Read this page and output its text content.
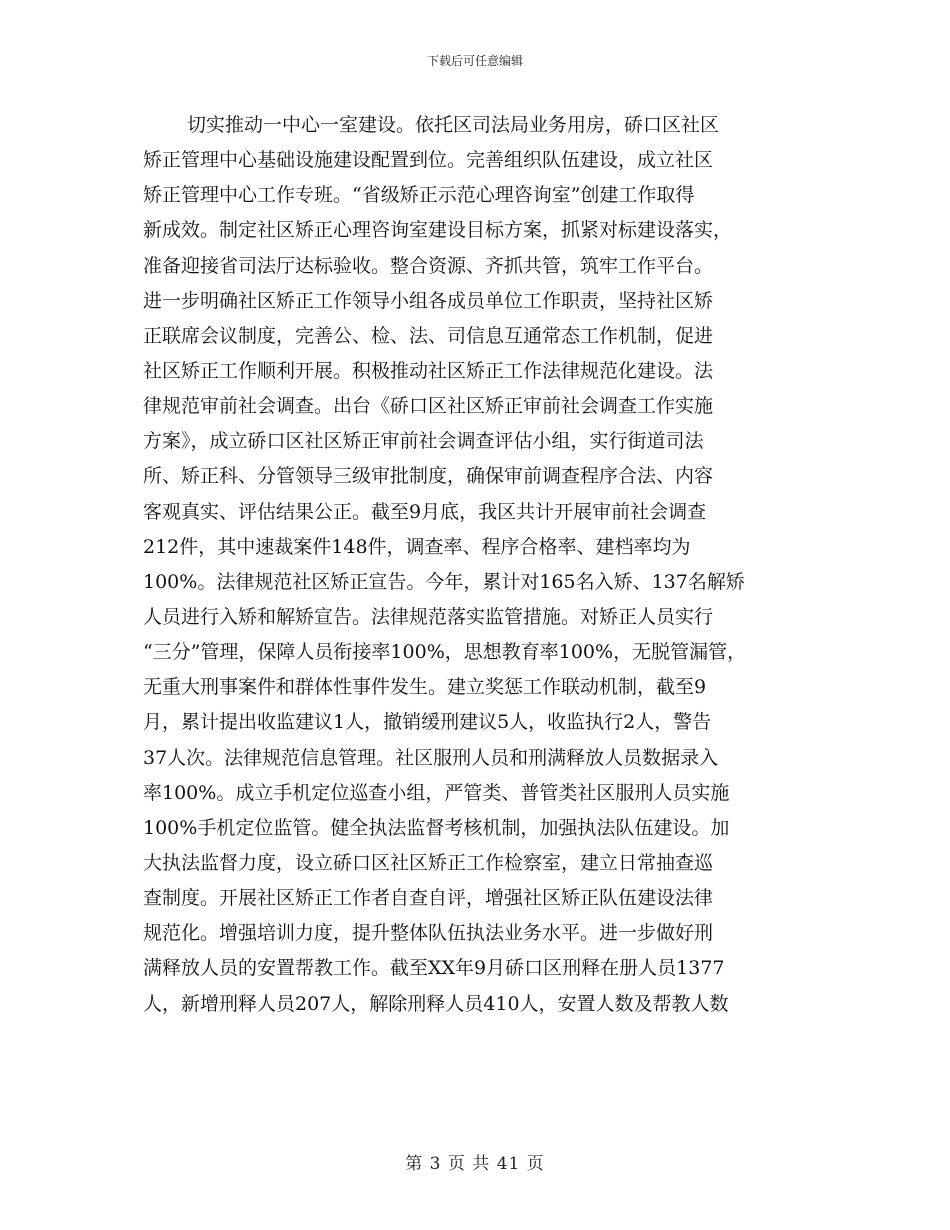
下载后可任意编辑
切实推动一中心一室建设。依托区司法局业务用房，硚口区社区
矫正管理中心基础设施建设配置到位。完善组织队伍建设，成立社区
矫正管理中心工作专班。“省级矫正示范心理咨询室”创建工作取得
新成效。制定社区矫正心理咨询室建设目标方案，抓紧对标建设落实，
准备迎接省司法厅达标验收。整合资源、齐抓共管，筑牢工作平台。
进一步明确社区矫正工作领导小组各成员单位工作职责，坚持社区矫
正联席会议制度，完善公、检、法、司信息互通常态工作机制，促进
社区矫正工作顺利开展。积极推动社区矫正工作法律规范化建设。法
律规范审前社会调查。出台《硚口区社区矫正审前社会调查工作实施
方案》，成立硚口区社区矫正审前社会调查评估小组，实行街道司法
所、矫正科、分管领导三级审批制度，确保审前调查程序合法、内容
客观真实、评估结果公正。截至9月底，我区共计开展审前社会调查
212件，其中速裁案件148件，调查率、程序合格率、建档率均为
100%。法律规范社区矫正宣告。今年，累计对165名入矫、137名解矫
人员进行入矫和解矫宣告。法律规范落实监管措施。对矫正人员实行
“三分”管理，保障人员衔接率100%，思想教育率100%，无脱管漏管，
无重大刑事案件和群体性事件发生。建立奖惩工作联动机制，截至9
月，累计提出收监建议1人，撤销缓刑建议5人，收监执行2人，警告
37人次。法律规范信息管理。社区服刑人员和刑满释放人员数据录入
率100%。成立手机定位巡查小组，严管类、普管类社区服刑人员实施
100%手机定位监管。健全执法监督考核机制，加强执法队伍建设。加
大执法监督力度，设立硚口区社区矫正工作检察室，建立日常抽查巡
查制度。开展社区矫正工作者自查自评，增强社区矫正队伍建设法律
规范化。增强培训力度，提升整体队伍执法业务水平。进一步做好刑
满释放人员的安置帮教工作。截至XX年9月硚口区刑释在册人员1377
人，新增刑释人员207人，解除刑释人员410人，安置人数及帮教人数
第 3 页 共 41 页
